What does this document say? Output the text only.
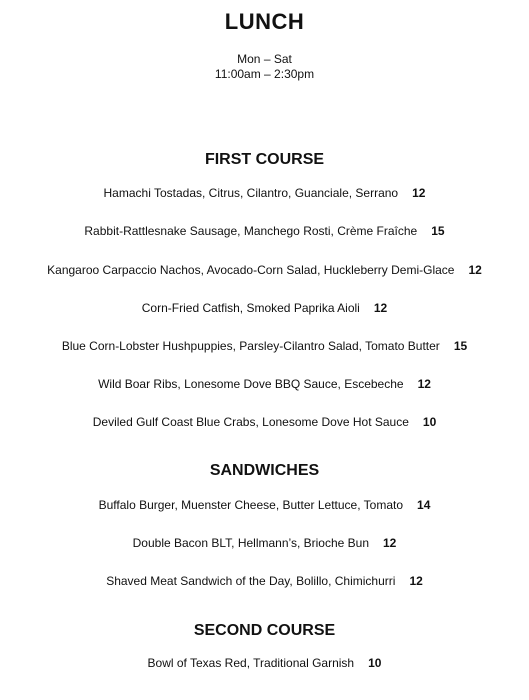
LUNCH
Mon – Sat
11:00am – 2:30pm
FIRST COURSE
Hamachi Tostadas, Citrus, Cilantro, Guanciale, Serrano 12
Rabbit-Rattlesnake Sausage, Manchego Rosti, Crème Fraîche 15
Kangaroo Carpaccio Nachos, Avocado-Corn Salad, Huckleberry Demi-Glace 12
Corn-Fried Catfish, Smoked Paprika Aioli 12
Blue Corn-Lobster Hushpuppies, Parsley-Cilantro Salad, Tomato Butter 15
Wild Boar Ribs, Lonesome Dove BBQ Sauce, Escebeche 12
Deviled Gulf Coast Blue Crabs, Lonesome Dove Hot Sauce 10
SANDWICHES
Buffalo Burger, Muenster Cheese, Butter Lettuce, Tomato 14
Double Bacon BLT, Hellmann’s, Brioche Bun 12
Shaved Meat Sandwich of the Day, Bolillo, Chimichurri 12
SECOND COURSE
Bowl of Texas Red, Traditional Garnish 10
